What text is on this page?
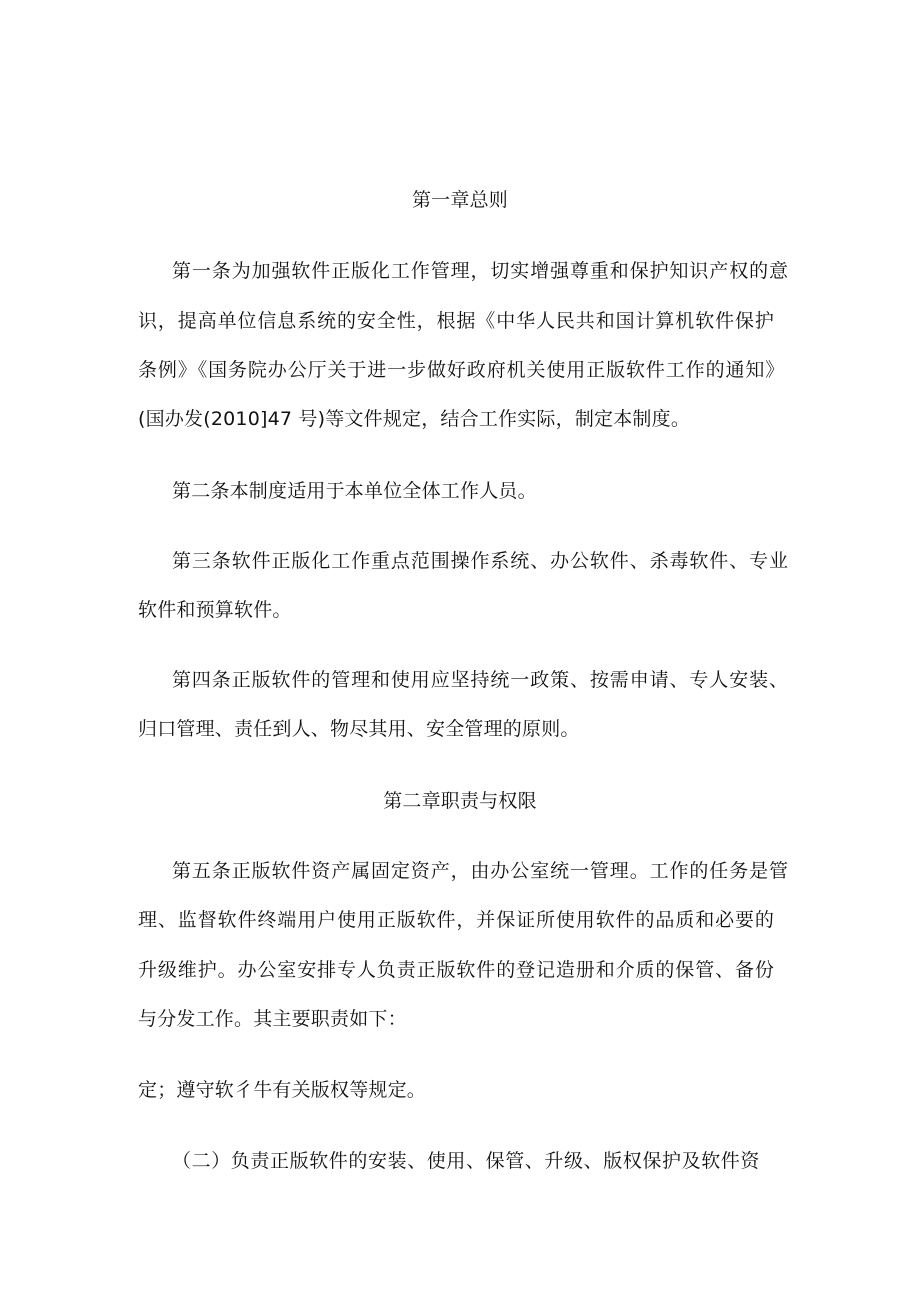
第一章总则
第一条为加强软件正版化工作管理，切实增强尊重和保护知识产权的意
识，提高单位信息系统的安全性，根据《中华人民共和国计算机软件保护
条例》《国务院办公厅关于进一步做好政府机关使用正版软件工作的通知》
(国办发(2010]47 号)等文件规定，结合工作实际，制定本制度。
第二条本制度适用于本单位全体工作人员。
第三条软件正版化工作重点范围操作系统、办公软件、杀毒软件、专业
软件和预算软件。
第四条正版软件的管理和使用应坚持统一政策、按需申请、专人安装、
归口管理、责任到人、物尽其用、安全管理的原则。
第二章职责与权限
第五条正版软件资产属固定资产，由办公室统一管理。工作的任务是管
理、监督软件终端用户使用正版软件，并保证所使用软件的品质和必要的
升级维护。办公室安排专人负责正版软件的登记造册和介质的保管、备份
与分发工作。其主要职责如下：
定；遵守软彳牛有关版权等规定。
（二）负责正版软件的安装、使用、保管、升级、版权保护及软件资
